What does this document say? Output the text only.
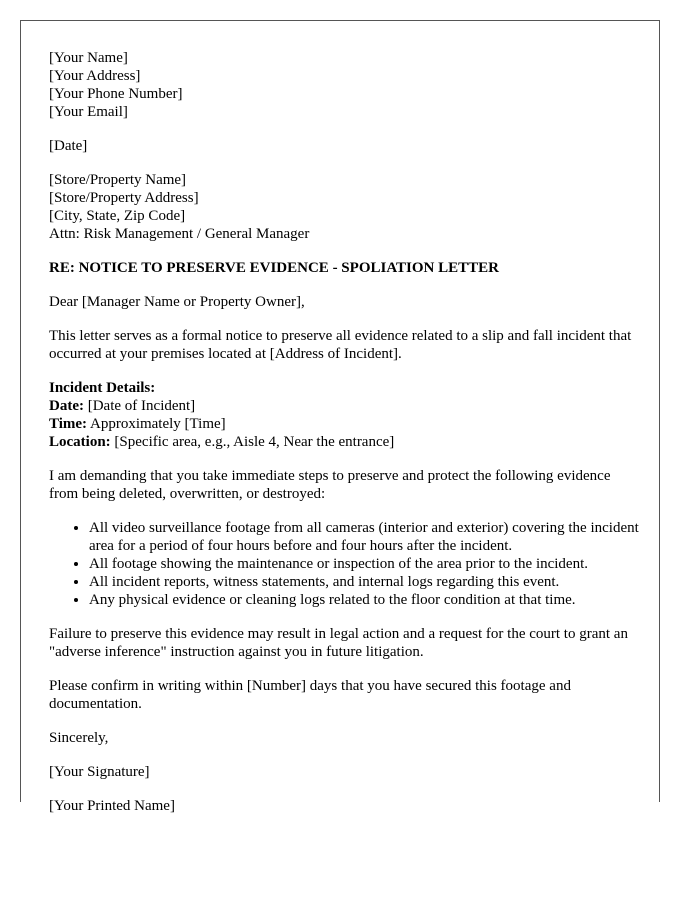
[Your Name]
[Your Address]
[Your Phone Number]
[Your Email]
[Date]
[Store/Property Name]
[Store/Property Address]
[City, State, Zip Code]
Attn: Risk Management / General Manager
RE: NOTICE TO PRESERVE EVIDENCE - SPOLIATION LETTER

Dear [Manager Name or Property Owner],

This letter serves as a formal notice to preserve all evidence related to a slip and fall incident that occurred at your premises located at [Address of Incident].

Incident Details:
Date: [Date of Incident]
Time: Approximately [Time]
Location: [Specific area, e.g., Aisle 4, Near the entrance]

I am demanding that you take immediate steps to preserve and protect the following evidence from being deleted, overwritten, or destroyed:

• All video surveillance footage from all cameras (interior and exterior) covering the incident area for a period of four hours before and four hours after the incident.
• All footage showing the maintenance or inspection of the area prior to the incident.
• All incident reports, witness statements, and internal logs regarding this event.
• Any physical evidence or cleaning logs related to the floor condition at that time.

Failure to preserve this evidence may result in legal action and a request for the court to grant an "adverse inference" instruction against you in future litigation.

Please confirm in writing within [Number] days that you have secured this footage and documentation.

Sincerely,

[Your Signature]

[Your Printed Name]
